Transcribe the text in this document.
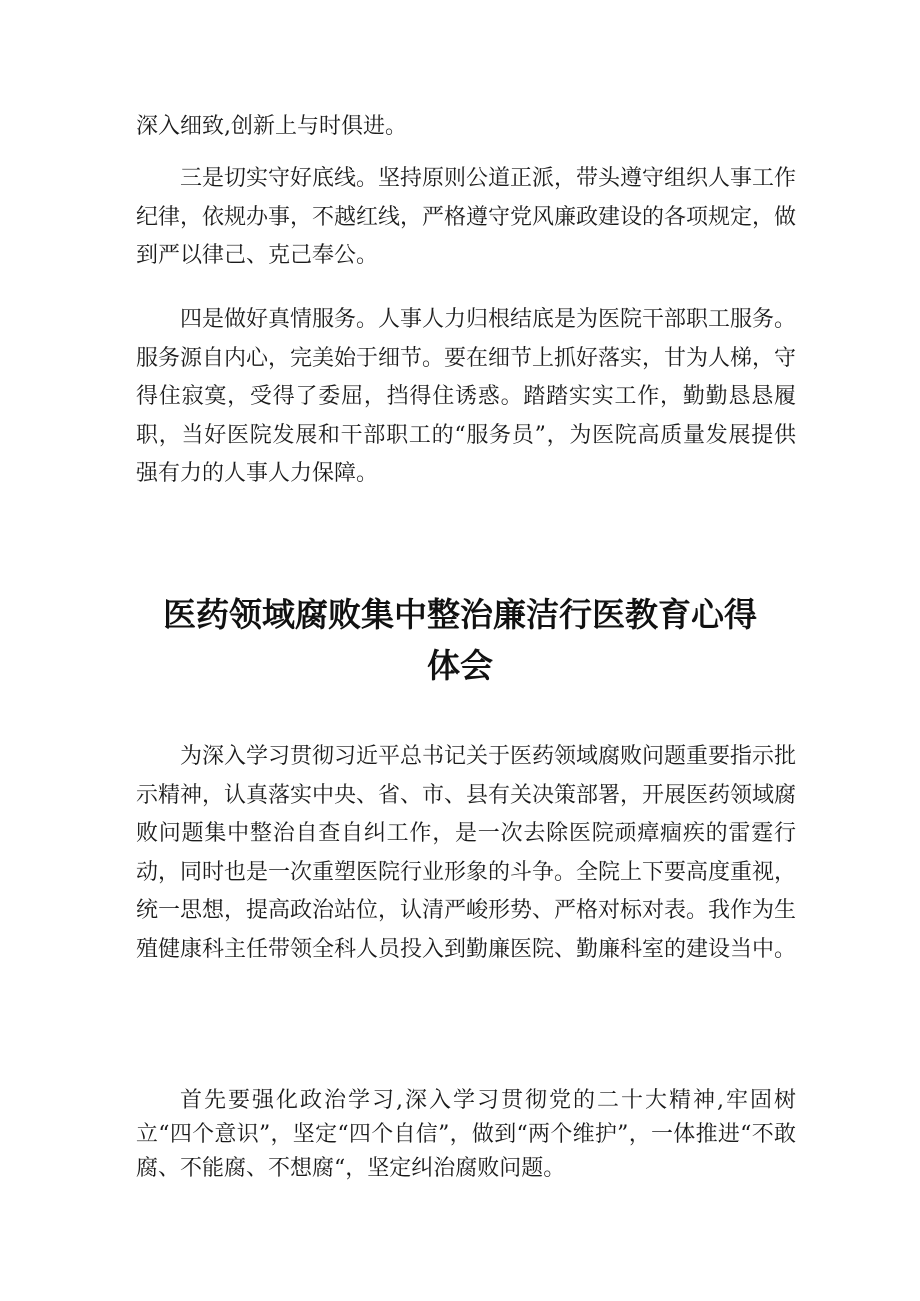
深入细致,创新上与时俱进。

三是切实守好底线。坚持原则公道正派，带头遵守组织人事工作纪律，依规办事，不越红线，严格遵守党风廉政建设的各项规定，做到严以律己、克己奉公。

四是做好真情服务。人事人力归根结底是为医院干部职工服务。服务源自内心，完美始于细节。要在细节上抓好落实，甘为人梯，守得住寂寞，受得了委屈，挡得住诱惑。踏踏实实工作，勤勤恳恳履职，当好医院发展和干部职工的“服务员”，为医院高质量发展提供强有力的人事人力保障。

医药领域腐败集中整治廉洁行医教育心得
体会

为深入学习贯彻习近平总书记关于医药领域腐败问题重要指示批示精神，认真落实中央、省、市、县有关决策部署，开展医药领域腐败问题集中整治自查自纠工作，是一次去除医院顽瘴痼疾的雷霆行动，同时也是一次重塑医院行业形象的斗争。全院上下要高度重视，统一思想，提高政治站位，认清严峻形势、严格对标对表。我作为生殖健康科主任带领全科人员投入到勤廉医院、勤廉科室的建设当中。

首先要强化政治学习,深入学习贯彻党的二十大精神,牢固树立“四个意识”，坚定“四个自信”，做到“两个维护”，一体推进“不敢腐、不能腐、不想腐“，坚定纠治腐败问题。
